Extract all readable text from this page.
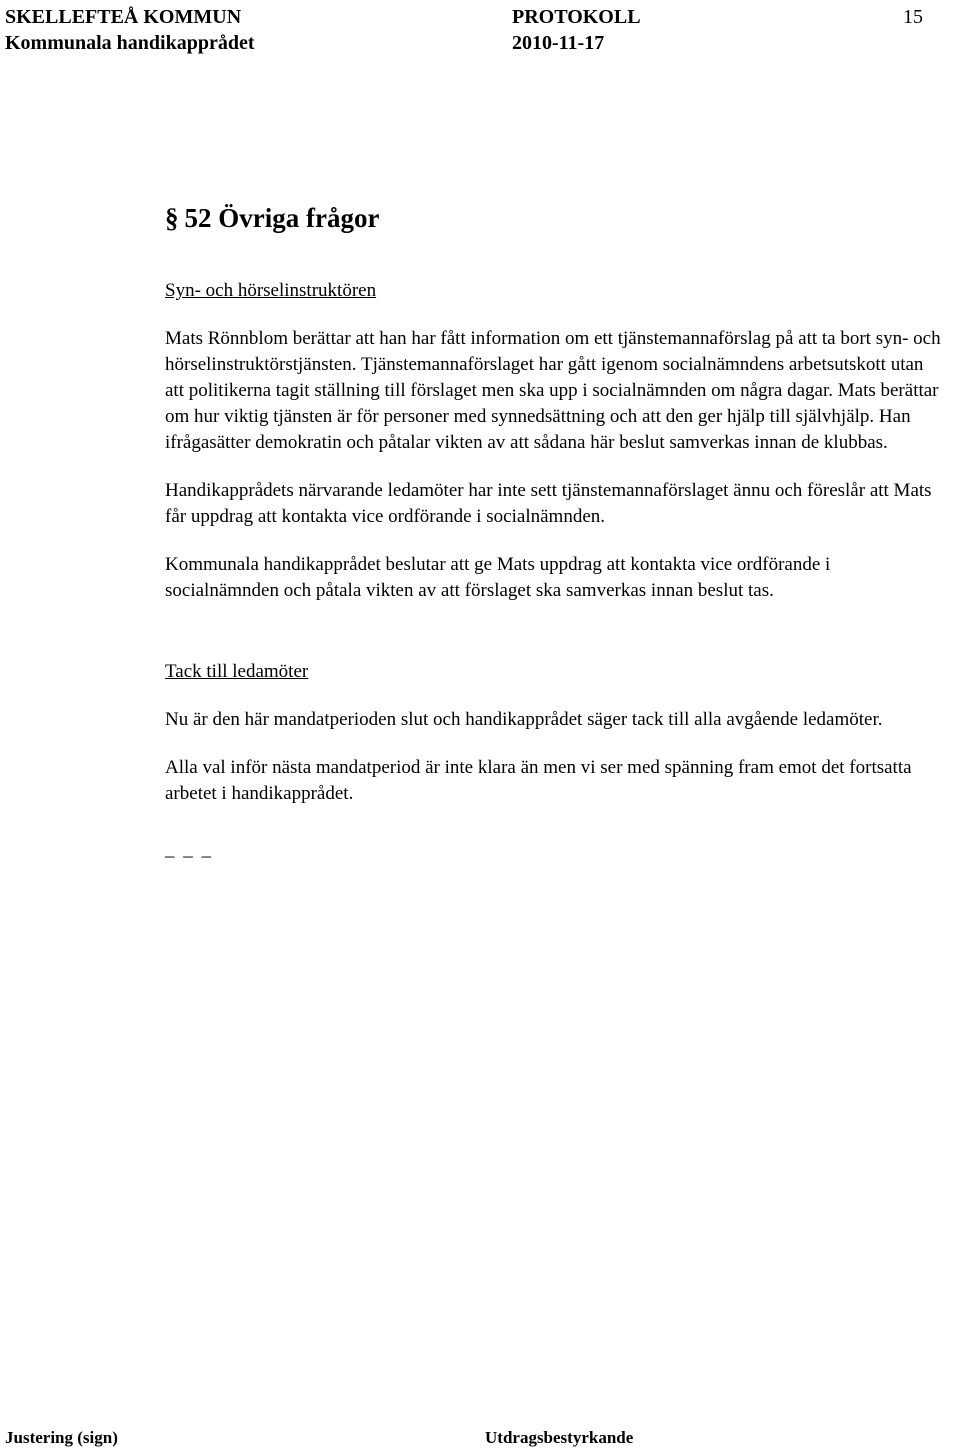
SKELLEFTEÅ KOMMUN
Kommunala handikapprådet
PROTOKOLL
2010-11-17
15
§ 52 Övriga frågor
Syn- och hörselinstruktören

Mats Rönnblom berättar att han har fått information om ett tjänstemannaförslag på att ta bort syn- och hörselinstruktörstjänsten. Tjänstemannaförslaget har gått igenom socialnämndens arbetsutskott utan att politikerna tagit ställning till förslaget men ska upp i socialnämnden om några dagar. Mats berättar om hur viktig tjänsten är för personer med synnedsättning och att den ger hjälp till självhjälp. Han ifrågasätter demokratin och påtalar vikten av att sådana här beslut samverkas innan de klubbas.

Handikapprådets närvarande ledamöter har inte sett tjänstemannaförslaget ännu och föreslår att Mats får uppdrag att kontakta vice ordförande i socialnämnden.

Kommunala handikapprådet beslutar att ge Mats uppdrag att kontakta vice ordförande i socialnämnden och påtala vikten av att förslaget ska samverkas innan beslut tas.

Tack till ledamöter

Nu är den här mandatperioden slut och handikapprådet säger tack till alla avgående ledamöter.

Alla val inför nästa mandatperiod är inte klara än men vi ser med spänning fram emot det fortsatta arbetet i handikapprådet.

_ _ _
Justering (sign)	Utdragsbestyrkande
